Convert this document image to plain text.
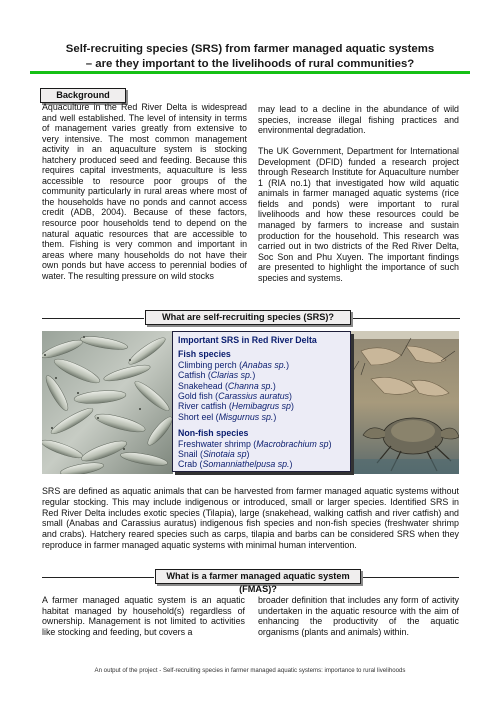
Self-recruiting species (SRS) from farmer managed aquatic systems
– are they important to the livelihoods of rural communities?
Background

Aquaculture in the Red River Delta is widespread and well established. The level of intensity in terms of management varies greatly from extensive to very intensive. The most common management activity in an aquaculture system is stocking hatchery produced seed and feeding. Because this requires capital investments, aquaculture is less accessible to resource poor groups of the community particularly in rural areas where most of the households have no ponds and cannot access credit (ADB, 2004). Because of these factors, resource poor households tend to depend on the natural aquatic resources that are accessible to them. Fishing is very common and important in areas where many households do not have their own ponds but have access to perennial bodies of water. The resulting pressure on wild stocks

may lead to a decline in the abundance of wild species, increase illegal fishing practices and environmental degradation.

The UK Government, Department for International Development (DFID) funded a research project through Research Institute for Aquaculture number 1 (RIA no.1) that investigated how wild aquatic animals in farmer managed aquatic systems (rice fields and ponds) were important to rural livelihoods and how these resources could be managed by farmers to increase and sustain production for the household. This research was carried out in two districts of the Red River Delta, Soc Son and Phu Xuyen. The important findings are presented to highlight the importance of such species and systems.

What are self-recruiting species (SRS)?
Important SRS in Red River Delta
Fish species
Climbing perch (Anabas sp.)
Catfish (Clarias sp.)
Snakehead (Channa sp.)
Gold fish (Carassius auratus)
River catfish (Hemibagrus sp)
Short eel (Misgurnus sp.)
Non-fish species
Freshwater shrimp (Macrobrachium sp)
Snail (Sinotaia sp)
Crab (Somanniathelpusa sp.)
SRS are defined as aquatic animals that can be harvested from farmer managed aquatic systems without regular stocking. This may include indigenous or introduced, small or larger species. Identified SRS in Red River Delta includes exotic species (Tilapia), large (snakehead, walking catfish and river catfish) and small (Anabas and Carassius auratus) indigenous fish species and non-fish species (freshwater shrimp and crabs). Hatchery reared species such as carps, tilapia and barbs can be considered SRS when they reproduce in farmer managed aquatic systems with minimal human intervention.
What is a farmer managed aquatic system (FMAS)?
A farmer managed aquatic system is an aquatic habitat managed by household(s) regardless of ownership. Management is not limited to activities like stocking and feeding, but covers a
broader definition that includes any form of activity undertaken in the aquatic resource with the aim of enhancing the productivity of the aquatic organisms (plants and animals) within.
An output of the project - Self-recruiting species in farmer managed aquatic systems: importance to rural livelihoods
